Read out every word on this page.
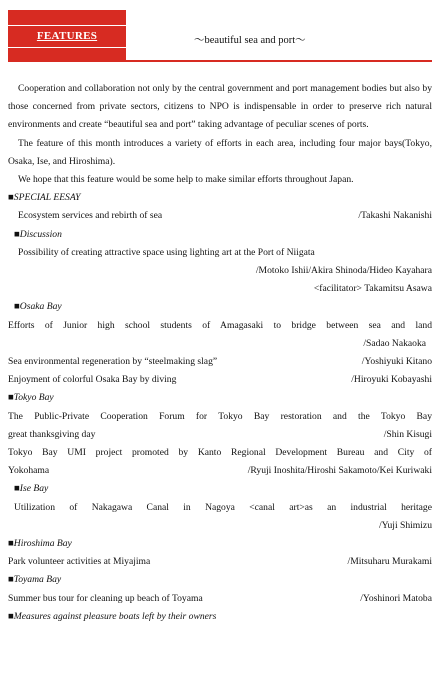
FEATURES	～beautiful sea and port～

Cooperation and collaboration not only by the central government and port management bodies but also by those concerned from private sectors, citizens to NPO is indispensable in order to preserve rich natural environments and create “beautiful sea and port” taking advantage of peculiar scenes of ports.

The feature of this month introduces a variety of efforts in each area, including four major bays(Tokyo, Osaka, Ise, and Hiroshima).

We hope that this feature would be some help to make similar efforts throughout Japan.

■SPECIAL EESAY

Ecosystem services and rebirth of sea	/Takashi Nakanishi

■Discussion

Possibility of creating attractive space using lighting art at the Port of Niigata

/Motoko Ishii/Akira Shinoda/Hideo Kayahara

<facilitator> Takamitsu Asawa

■Osaka Bay

Efforts of Junior high school students of Amagasaki to bridge between sea and land

/Sadao Nakaoka

Sea environmental regeneration by “steelmaking slag”	/Yoshiyuki Kitano

Enjoyment of colorful Osaka Bay by diving	/Hiroyuki Kobayashi

■Tokyo Bay

The Public-Private Cooperation Forum for Tokyo Bay restoration and the Tokyo Bay

great thanksgiving day	/Shin Kisugi

Tokyo Bay UMI project promoted by Kanto Regional Development Bureau and City of

Yokohama	/Ryuji Inoshita/Hiroshi Sakamoto/Kei Kuriwaki

■Ise Bay

Utilization of Nakagawa Canal in Nagoya <canal art>as an industrial heritage

/Yuji Shimizu

■Hiroshima Bay

Park volunteer activities at Miyajima	/Mitsuharu Murakami

■Toyama Bay

Summer bus tour for cleaning up beach of Toyama	/Yoshinori Matoba

■Measures against pleasure boats left by their owners
